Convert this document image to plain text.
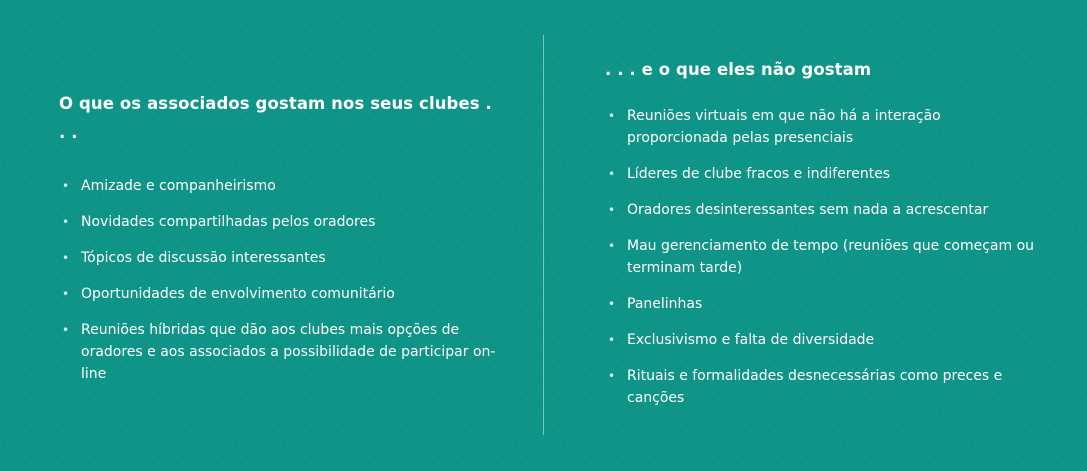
O que os associados gostam nos seus clubes . . .
• Amizade e companheirismo
• Novidades compartilhadas pelos oradores
• Tópicos de discussão interessantes
• Oportunidades de envolvimento comunitário
• Reuniões híbridas que dão aos clubes mais opções de oradores e aos associados a possibilidade de participar on-line
. . . e o que eles não gostam
• Reuniões virtuais em que não há a interação proporcionada pelas presenciais
• Líderes de clube fracos e indiferentes
• Oradores desinteressantes sem nada a acrescentar
• Mau gerenciamento de tempo (reuniões que começam ou terminam tarde)
• Panelinhas
• Exclusivismo e falta de diversidade
• Rituais e formalidades desnecessárias como preces e canções
